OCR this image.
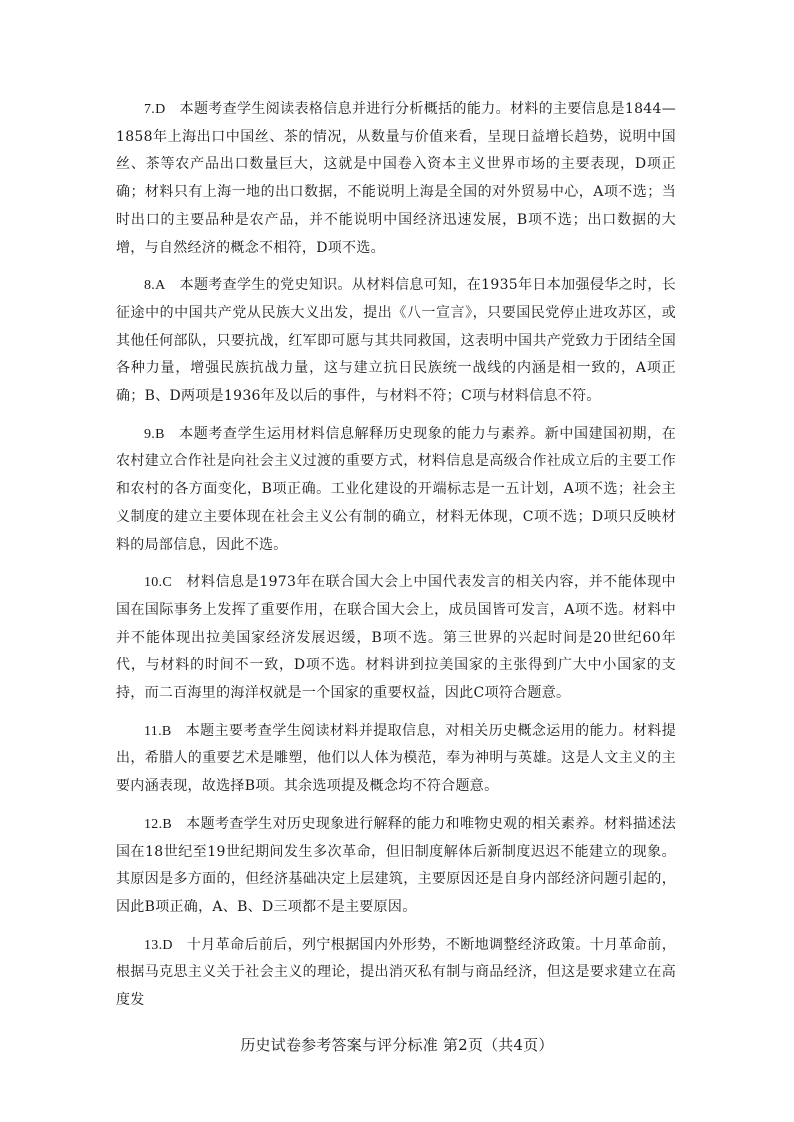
7.D 本题考查学生阅读表格信息并进行分析概括的能力。材料的主要信息是1844—1858年上海出口中国丝、茶的情况，从数量与价值来看，呈现日益增长趋势，说明中国丝、茶等农产品出口数量巨大，这就是中国卷入资本主义世界市场的主要表现，D项正确；材料只有上海一地的出口数据，不能说明上海是全国的对外贸易中心，A项不选；当时出口的主要品种是农产品，并不能说明中国经济迅速发展，B项不选；出口数据的大增，与自然经济的概念不相符，D项不选。

8.A 本题考查学生的党史知识。从材料信息可知，在1935年日本加强侵华之时，长征途中的中国共产党从民族大义出发，提出《八一宣言》，只要国民党停止进攻苏区，或其他任何部队，只要抗战，红军即可愿与其共同救国，这表明中国共产党致力于团结全国各种力量，增强民族抗战力量，这与建立抗日民族统一战线的内涵是相一致的，A项正确；B、D两项是1936年及以后的事件，与材料不符；C项与材料信息不符。

9.B 本题考查学生运用材料信息解释历史现象的能力与素养。新中国建国初期，在农村建立合作社是向社会主义过渡的重要方式，材料信息是高级合作社成立后的主要工作和农村的各方面变化，B项正确。工业化建设的开端标志是一五计划，A项不选；社会主义制度的建立主要体现在社会主义公有制的确立，材料无体现，C项不选；D项只反映材料的局部信息，因此不选。

10.C 材料信息是1973年在联合国大会上中国代表发言的相关内容，并不能体现中国在国际事务上发挥了重要作用，在联合国大会上，成员国皆可发言，A项不选。材料中并不能体现出拉美国家经济发展迟缓，B项不选。第三世界的兴起时间是20世纪60年代，与材料的时间不一致，D项不选。材料讲到拉美国家的主张得到广大中小国家的支持，而二百海里的海洋权就是一个国家的重要权益，因此C项符合题意。

11.B 本题主要考查学生阅读材料并提取信息，对相关历史概念运用的能力。材料提出，希腊人的重要艺术是雕塑，他们以人体为模范，奉为神明与英雄。这是人文主义的主要内涵表现，故选择B项。其余选项提及概念均不符合题意。

12.B 本题考查学生对历史现象进行解释的能力和唯物史观的相关素养。材料描述法国在18世纪至19世纪期间发生多次革命，但旧制度解体后新制度迟迟不能建立的现象。其原因是多方面的，但经济基础决定上层建筑，主要原因还是自身内部经济问题引起的，因此B项正确，A、B、D三项都不是主要原因。

13.D 十月革命后前后，列宁根据国内外形势，不断地调整经济政策。十月革命前，根据马克思主义关于社会主义的理论，提出消灭私有制与商品经济，但这是要求建立在高度发

历史试卷参考答案与评分标准 第2页（共4页）
